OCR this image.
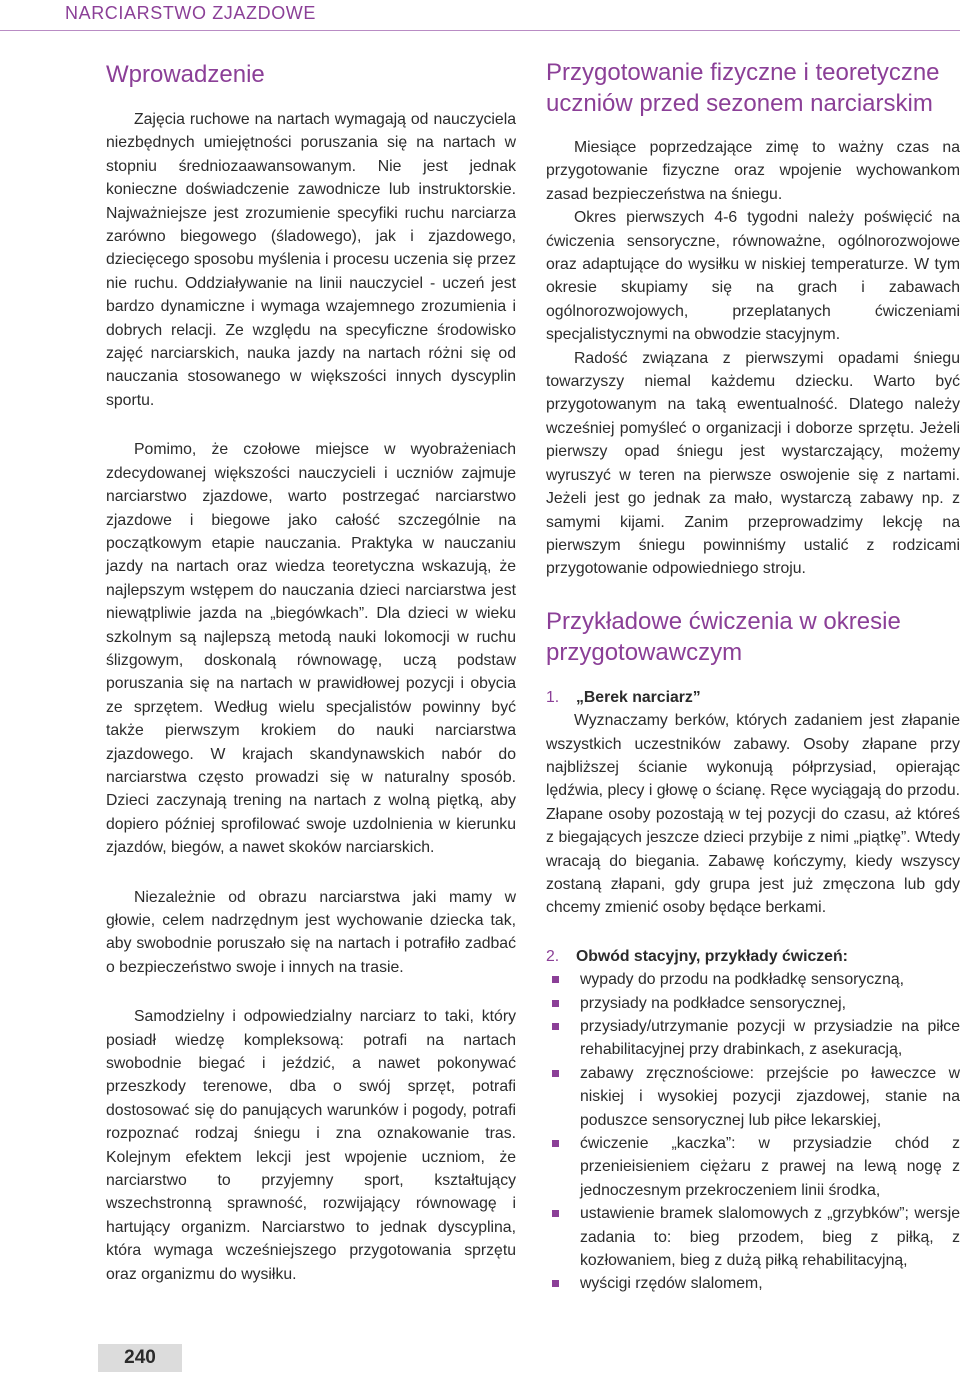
NARCIARSTWO ZJAZDOWE
Wprowadzenie

Zajęcia ruchowe na nartach wymagają od nauczyciela niezbędnych umiejętności poruszania się na nartach w stopniu średniozaawansowanym. Nie jest jednak konieczne doświadczenie zawodnicze lub instruktorskie. Najważniejsze jest zrozumienie specyfiki ruchu narciarza zarówno biegowego (śladowego), jak i zjazdowego, dziecięcego sposobu myślenia i procesu uczenia się przez nie ruchu. Oddziaływanie na linii nauczyciel - uczeń jest bardzo dynamiczne i wymaga wzajemnego zrozumienia i dobrych relacji. Ze względu na specyficzne środowisko zajęć narciarskich, nauka jazdy na nartach różni się od nauczania stosowanego w większości innych dyscyplin sportu.

Pomimo, że czołowe miejsce w wyobrażeniach zdecydowanej większości nauczycieli i uczniów zajmuje narciarstwo zjazdowe, warto postrzegać narciarstwo zjazdowe i biegowe jako całość szczególnie na początkowym etapie nauczania. Praktyka w nauczaniu jazdy na nartach oraz wiedza teoretyczna wskazują, że najlepszym wstępem do nauczania dzieci narciarstwa jest niewątpliwie jazda na „biegówkach”. Dla dzieci w wieku szkolnym są najlepszą metodą nauki lokomocji w ruchu ślizgowym, doskonalą równowagę, uczą podstaw poruszania się na nartach w prawidłowej pozycji i obycia ze sprzętem. Według wielu specjalistów powinny być także pierwszym krokiem do nauki narciarstwa zjazdowego. W krajach skandynawskich nabór do narciarstwa często prowadzi się w naturalny sposób. Dzieci zaczynają trening na nartach z wolną piętką, aby dopiero później sprofilować swoje uzdolnienia w kierunku zjazdów, biegów, a nawet skoków narciarskich.

Niezależnie od obrazu narciarstwa jaki mamy w głowie, celem nadrzędnym jest wychowanie dziecka tak, aby swobodnie poruszało się na nartach i potrafiło zadbać o bezpieczeństwo swoje i innych na trasie.

Samodzielny i odpowiedzialny narciarz to taki, który posiadł wiedzę kompleksową: potrafi na nartach swobodnie biegać i jeździć, a nawet pokonywać przeszkody terenowe, dba o swój sprzęt, potrafi dostosować się do panujących warunków i pogody, potrafi rozpoznać rodzaj śniegu i zna oznakowanie tras. Kolejnym efektem lekcji jest wpojenie uczniom, że narciarstwo to przyjemny sport, kształtujący wszechstronną sprawność, rozwijający równowagę i hartujący organizm. Narciarstwo to jednak dyscyplina, która wymaga wcześniejszego przygotowania sprzętu oraz organizmu do wysiłku.

Przygotowanie fizyczne i teoretyczne uczniów przed sezonem narciarskim

Miesiące poprzedzające zimę to ważny czas na przygotowanie fizyczne oraz wpojenie wychowankom zasad bezpieczeństwa na śniegu.

Okres pierwszych 4-6 tygodni należy poświęcić na ćwiczenia sensoryczne, równoważne, ogólnorozwojowe oraz adaptujące do wysiłku w niskiej temperaturze. W tym okresie skupiamy się na grach i zabawach ogólnorozwojowych, przeplatanych ćwiczeniami specjalistycznymi na obwodzie stacyjnym.

Radość związana z pierwszymi opadami śniegu towarzyszy niemal każdemu dziecku. Warto być przygotowanym na taką ewentualność. Dlatego należy wcześniej pomyśleć o organizacji i doborze sprzętu. Jeżeli pierwszy opad śniegu jest wystarczający, możemy wyruszyć w teren na pierwsze oswojenie się z nartami. Jeżeli jest go jednak za mało, wystarczą zabawy np. z samymi kijami. Zanim przeprowadzimy lekcję na pierwszym śniegu powinniśmy ustalić z rodzicami przygotowanie odpowiedniego stroju.

Przykładowe ćwiczenia w okresie przygotowawczym
1.	„Berek narciarz”
Wyznaczamy berków, których zadaniem jest złapanie wszystkich uczestników zabawy. Osoby złapane przy najbliższej ścianie wykonują półprzysiad, opierając lędźwia, plecy i głowę o ścianę. Ręce wyciągają do przodu. Złapane osoby pozostają w tej pozycji do czasu, aż któreś z biegających jeszcze dzieci przybije z nimi „piątkę”. Wtedy wracają do biegania. Zabawę kończymy, kiedy wszyscy zostaną złapani, gdy grupa jest już zmęczona lub gdy chcemy zmienić osoby będące berkami.
2.	Obwód stacyjny, przykłady ćwiczeń:
wypady do przodu na podkładkę sensoryczną,
przysiady na podkładce sensorycznej,
przysiady/utrzymanie pozycji w przysiadzie na piłce rehabilitacyjnej przy drabinkach, z asekuracją,
zabawy zręcznościowe: przejście po ławeczce w niskiej i wysokiej pozycji zjazdowej, stanie na poduszce sensorycznej lub piłce lekarskiej,
ćwiczenie „kaczka”: w przysiadzie chód z przenieisieniem ciężaru z prawej na lewą nogę z jednoczesnym przekroczeniem linii środka,
ustawienie bramek slalomowych z „grzybków”; wersje zadania to: bieg przodem, bieg z piłką, z kozłowaniem, bieg z dużą piłką rehabilitacyjną,
wyścigi rzędów slalomem,
240
